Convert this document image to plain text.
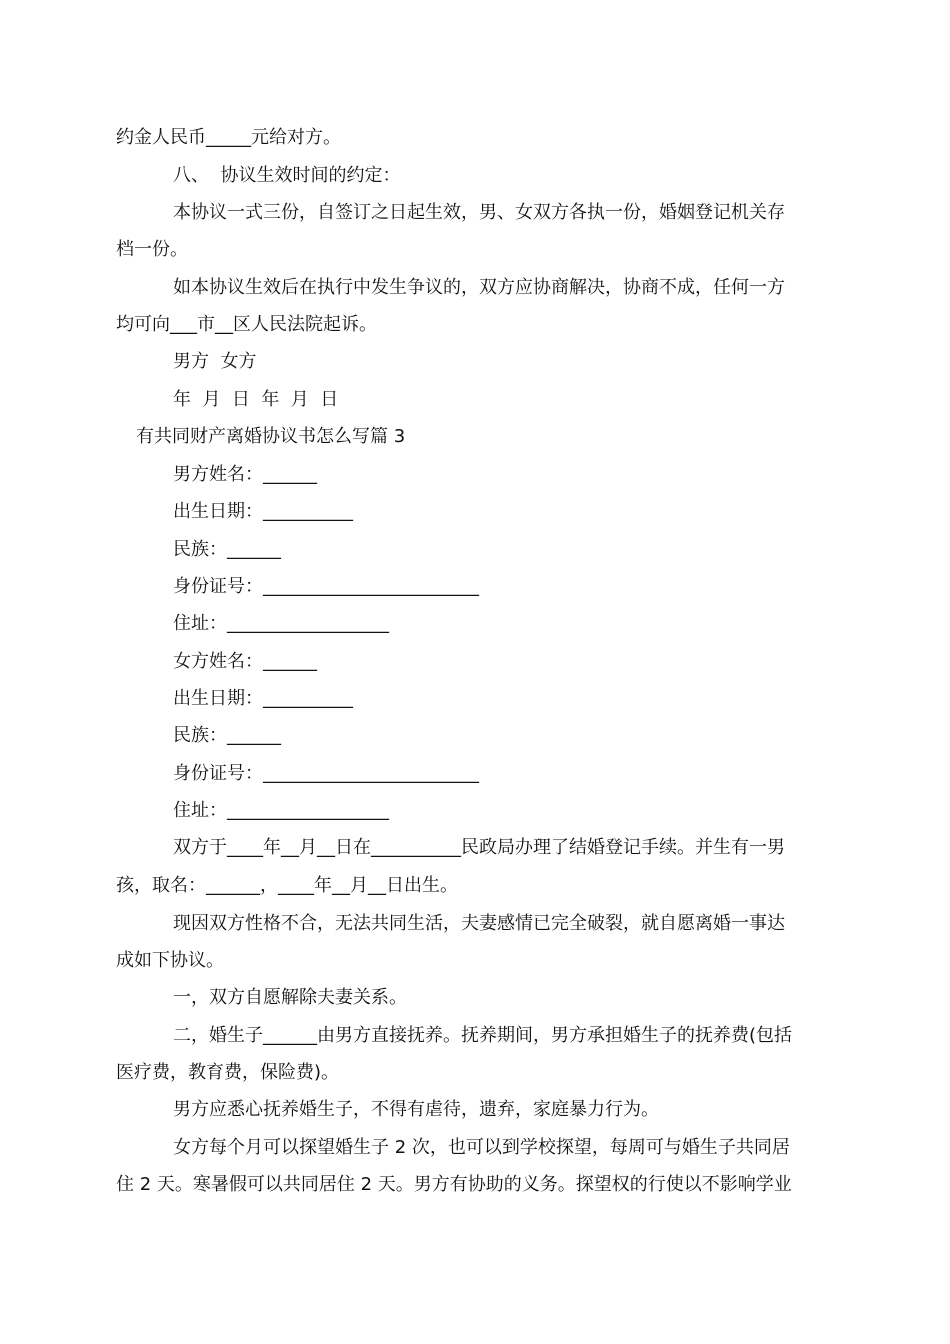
约金人民币_____元给对方。
八、  协议生效时间的约定：
本协议一式三份，自签订之日起生效，男、女双方各执一份，婚姻登记机关存
档一份。
如本协议生效后在执行中发生争议的，双方应协商解决，协商不成，任何一方
均可向___市__区人民法院起诉。
男方  女方
年  月  日  年  月  日
有共同财产离婚协议书怎么写篇 3
男方姓名：______
出生日期：__________
民族：______
身份证号：________________________
住址：__________________
女方姓名：______
出生日期：__________
民族：______
身份证号：________________________
住址：__________________
双方于____年__月__日在__________民政局办理了结婚登记手续。并生有一男
孩，取名：______，____年__月__日出生。
现因双方性格不合，无法共同生活，夫妻感情已完全破裂，就自愿离婚一事达
成如下协议。
一，双方自愿解除夫妻关系。
二，婚生子______由男方直接抚养。抚养期间，男方承担婚生子的抚养费(包括
医疗费，教育费，保险费)。
男方应悉心抚养婚生子，不得有虐待，遗弃，家庭暴力行为。
女方每个月可以探望婚生子 2 次，也可以到学校探望，每周可与婚生子共同居
住 2 天。寒暑假可以共同居住 2 天。男方有协助的义务。探望权的行使以不影响学业
